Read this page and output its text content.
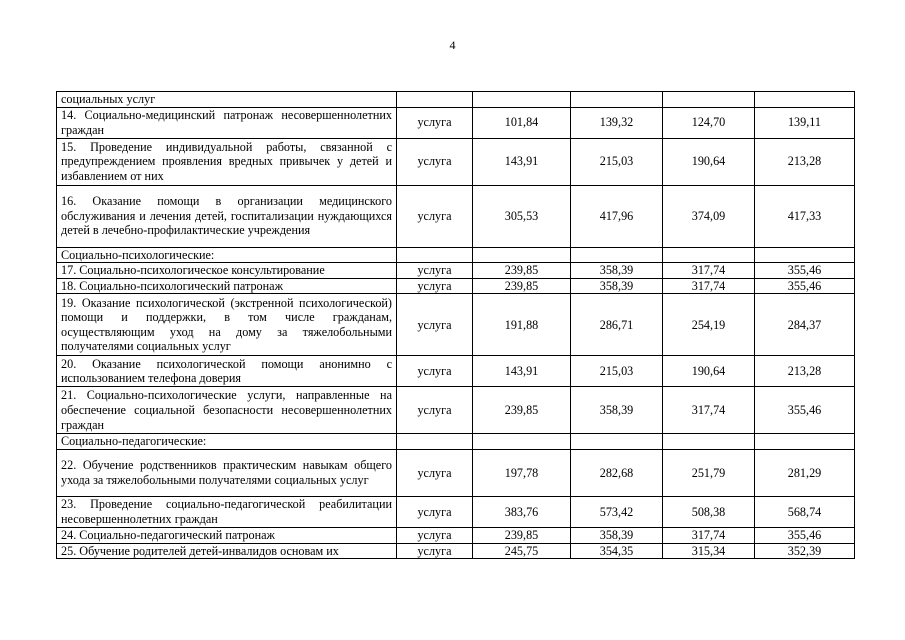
4
социальных услуг					
14. Социально-медицинский патронаж несовершеннолетних граждан	услуга	101,84	139,32	124,70	139,11
15. Проведение индивидуальной работы, связанной с предупреждением проявления вредных привычек у детей и избавлением от них	услуга	143,91	215,03	190,64	213,28
16. Оказание помощи в организации медицинского обслуживания и лечения детей, госпитализации нуждающихся детей в лечебно-профилактические учреждения	услуга	305,53	417,96	374,09	417,33
Социально-психологические:					
17. Социально-психологическое консультирование	услуга	239,85	358,39	317,74	355,46
18. Социально-психологический патронаж	услуга	239,85	358,39	317,74	355,46
19. Оказание психологической (экстренной психологической) помощи и поддержки, в том числе гражданам, осуществляющим уход на дому за тяжелобольными получателями социальных услуг	услуга	191,88	286,71	254,19	284,37
20. Оказание психологической помощи анонимно с использованием телефона доверия	услуга	143,91	215,03	190,64	213,28
21. Социально-психологические услуги, направленные на обеспечение социальной безопасности несовершеннолетних граждан	услуга	239,85	358,39	317,74	355,46
Социально-педагогические:					
22. Обучение родственников практическим навыкам общего ухода за тяжелобольными получателями социальных услуг	услуга	197,78	282,68	251,79	281,29
23. Проведение социально-педагогической реабилитации несовершеннолетних граждан	услуга	383,76	573,42	508,38	568,74
24. Социально-педагогический патронаж	услуга	239,85	358,39	317,74	355,46
25. Обучение родителей детей-инвалидов основам их	услуга	245,75	354,35	315,34	352,39
